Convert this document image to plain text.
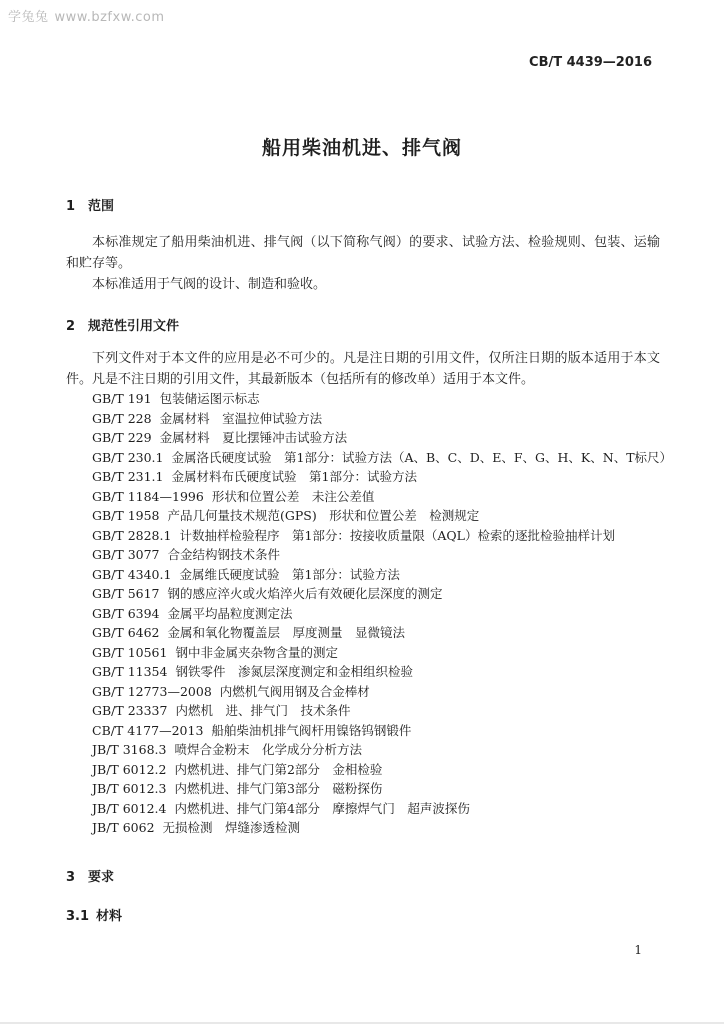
学兔兔 www.bzfxw.com
CB/T 4439—2016
船用柴油机进、排气阀
1 范围
本标准规定了船用柴油机进、排气阀（以下简称气阀）的要求、试验方法、检验规则、包装、运输和贮存等。
本标准适用于气阀的设计、制造和验收。
2 规范性引用文件
下列文件对于本文件的应用是必不可少的。凡是注日期的引用文件，仅所注日期的版本适用于本文件。凡是不注日期的引用文件，其最新版本（包括所有的修改单）适用于本文件。
GB/T 191 包装储运图示标志
GB/T 228 金属材料　室温拉伸试验方法
GB/T 229 金属材料　夏比摆锤冲击试验方法
GB/T 230.1 金属洛氏硬度试验　第1部分：试验方法（A、B、C、D、E、F、G、H、K、N、T标尺）
GB/T 231.1 金属材料布氏硬度试验　第1部分：试验方法
GB/T 1184—1996 形状和位置公差　未注公差值
GB/T 1958 产品几何量技术规范(GPS)　形状和位置公差　检测规定
GB/T 2828.1 计数抽样检验程序　第1部分：按接收质量限（AQL）检索的逐批检验抽样计划
GB/T 3077 合金结构钢技术条件
GB/T 4340.1 金属维氏硬度试验　第1部分：试验方法
GB/T 5617 钢的感应淬火或火焰淬火后有效硬化层深度的测定
GB/T 6394 金属平均晶粒度测定法
GB/T 6462 金属和氧化物覆盖层　厚度测量　显微镜法
GB/T 10561 钢中非金属夹杂物含量的测定
GB/T 11354 钢铁零件　渗氮层深度测定和金相组织检验
GB/T 12773—2008 内燃机气阀用钢及合金棒材
GB/T 23337 内燃机　进、排气门　技术条件
CB/T 4177—2013 船舶柴油机排气阀杆用镍铬钨钢锻件
JB/T 3168.3 喷焊合金粉末　化学成分分析方法
JB/T 6012.2 内燃机进、排气门第2部分　金相检验
JB/T 6012.3 内燃机进、排气门第3部分　磁粉探伤
JB/T 6012.4 内燃机进、排气门第4部分　摩擦焊气门　超声波探伤
JB/T 6062 无损检测　焊缝渗透检测
3 要求
3.1 材料
1
